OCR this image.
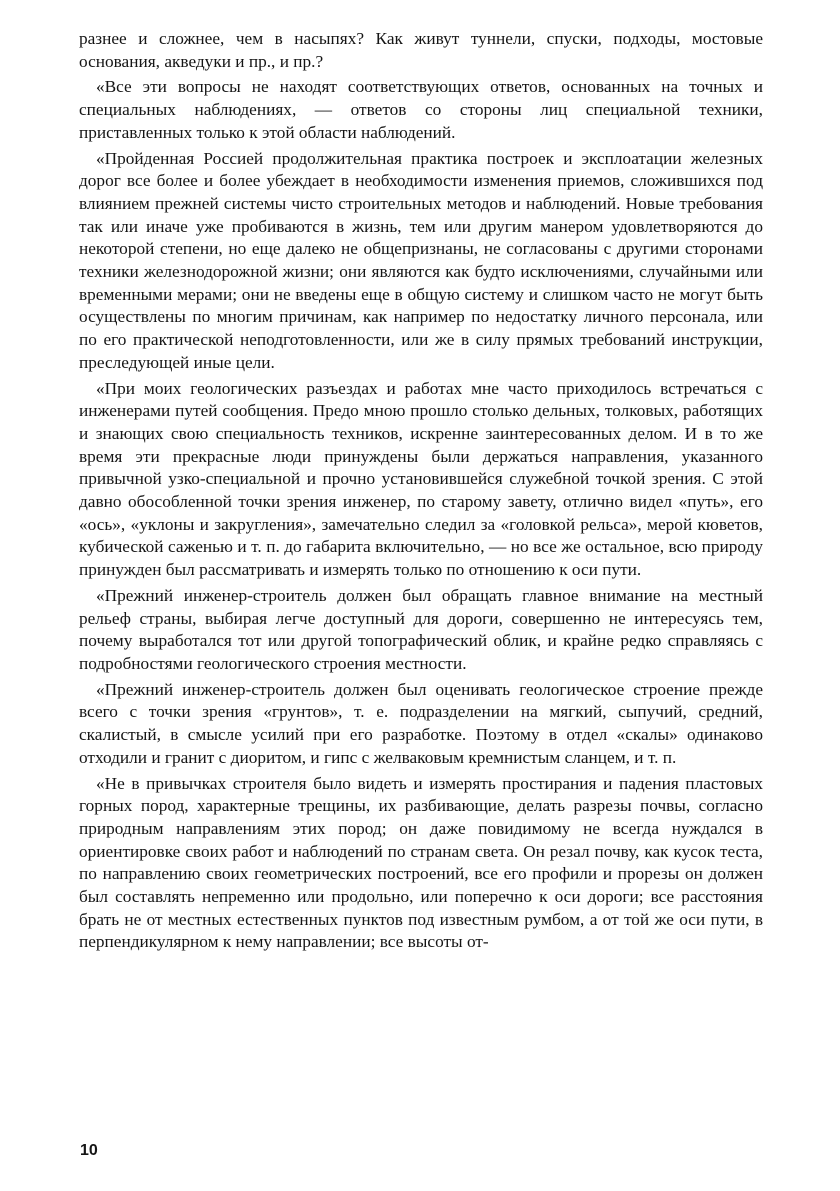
разнее и сложнее, чем в насыпях? Как живут туннели, спуски, подходы, мостовые основания, акведуки и пр., и пр.?

«Все эти вопросы не находят соответствующих ответов, основанных на точных и специальных наблюдениях, — ответов со стороны лиц специальной техники, приставленных только к этой области наблюдений.

«Пройденная Россией продолжительная практика построек и эксплоатации железных дорог все более и более убеждает в необходимости изменения приемов, сложившихся под влиянием прежней системы чисто строительных методов и наблюдений. Новые требования так или иначе уже пробиваются в жизнь, тем или другим манером удовлетворяются до некоторой степени, но еще далеко не общепризнаны, не согласованы с другими сторонами техники железнодорожной жизни; они являются как будто исключениями, случайными или временными мерами; они не введены еще в общую систему и слишком часто не могут быть осуществлены по многим причинам, как например по недостатку личного персонала, или по его практической неподготовленности, или же в силу прямых требований инструкции, преследующей иные цели.

«При моих геологических разъездах и работах мне часто приходилось встречаться с инженерами путей сообщения. Предо мною прошло столько дельных, толковых, работящих и знающих свою специальность техников, искренне заинтересованных делом. И в то же время эти прекрасные люди принуждены были держаться направления, указанного привычной узко-специальной и прочно установившейся служебной точкой зрения. С этой давно обособленной точки зрения инженер, по старому завету, отлично видел «путь», его «ось», «уклоны и закругления», замечательно следил за «головкой рельса», мерой кюветов, кубической саженью и т. п. до габарита включительно, — но все же остальное, всю природу принужден был рассматривать и измерять только по отношению к оси пути.

«Прежний инженер-строитель должен был обращать главное внимание на местный рельеф страны, выбирая легче доступный для дороги, совершенно не интересуясь тем, почему выработался тот или другой топографический облик, и крайне редко справляясь с подробностями геологического строения местности.

«Прежний инженер-строитель должен был оценивать геологическое строение прежде всего с точки зрения «грунтов», т. е. подразделении на мягкий, сыпучий, средний, скалистый, в смысле усилий при его разработке. Поэтому в отдел «скалы» одинаково отходили и гранит с диоритом, и гипс с желваковым кремнистым сланцем, и т. п.

«Не в привычках строителя было видеть и измерять простирания и падения пластовых горных пород, характерные трещины, их разбивающие, делать разрезы почвы, согласно природным направлениям этих пород; он даже повидимому не всегда нуждался в ориентировке своих работ и наблюдений по странам света. Он резал почву, как кусок теста, по направлению своих геометрических построений, все его профили и прорезы он должен был составлять непременно или продольно, или поперечно к оси дороги; все расстояния брать не от местных естественных пунктов под известным румбом, а от той же оси пути, в перпендикулярном к нему направлении; все высоты от-

10
